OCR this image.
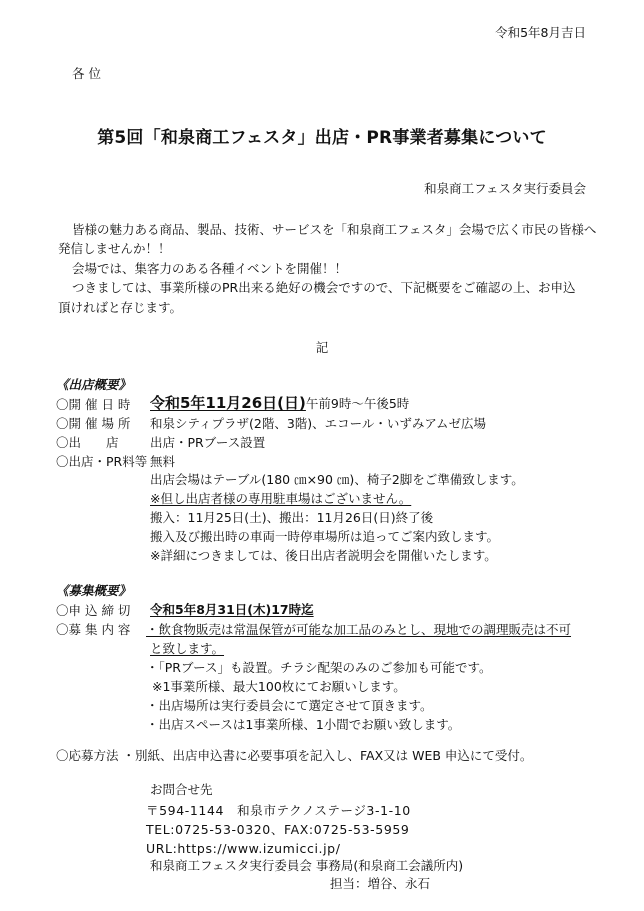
令和5年8月吉日
各 位
第5回「和泉商工フェスタ」出店・PR事業者募集について
和泉商工フェスタ実行委員会
皆様の魅力ある商品、製品、技術、サービスを「和泉商工フェスタ」会場で広く市民の皆様へ
発信しませんか！！
会場では、集客力のある各種イベントを開催！！
つきましては、事業所様のPR出来る絶好の機会ですので、下記概要をご確認の上、お申込
頂ければと存じます。
記
《出店概要》
〇開 催 日 時 令和5年11月26日(日)午前9時～午後5時
〇開 催 場 所 和泉シティプラザ(2階、3階)、エコール・いずみアムゼ広場
〇出　　店	出店・PRブース設置
〇出店・PR料等 無料
出店会場はテーブル(180 ㎝×90 ㎝)、椅子2脚をご準備致します。
※但し出店者様の専用駐車場はございません。
搬入：11月25日(土)、搬出：11月26日(日)終了後
搬入及び搬出時の車両一時停車場所は追ってご案内致します。
※詳細につきましては、後日出店者説明会を開催いたします。
《募集概要》
〇申 込 締 切 令和5年8月31日(木)17時迄
〇募 集 内 容 ・飲食物販売は常温保管が可能な加工品のみとし、現地での調理販売は不可
と致します。
・「PRブース」も設置。チラシ配架のみのご参加も可能です。
※1事業所様、最大100枚にてお願いします。
・出店場所は実行委員会にて選定させて頂きます。
・出店スペースは1事業所様、1小間でお願い致します。
〇応募方法 ・別紙、出店申込書に必要事項を記入し、FAX又は WEB 申込にて受付。
お問合せ先
〒594-1144　和泉市テクノステージ3-1-10
TEL:0725-53-0320、FAX:0725-53-5959
URL:https://www.izumicci.jp/
和泉商工フェスタ実行委員会 事務局(和泉商工会議所内)
担当：増谷、永石
